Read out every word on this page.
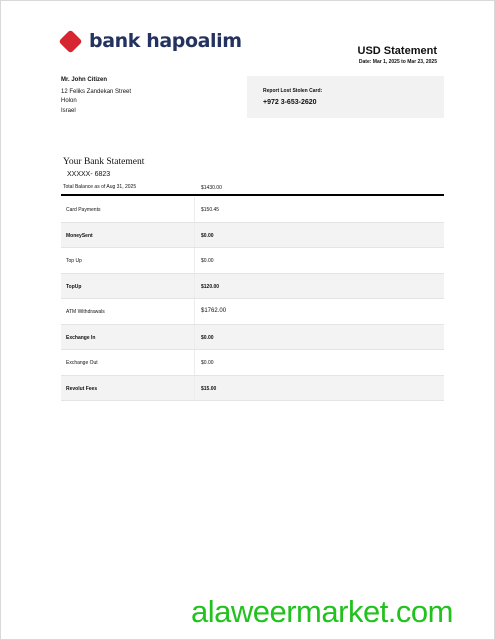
bank hapoalim	USD Statement
Date: Mar 1, 2025 to Mar 23, 2025
Mr. John Citizen
12 Feliks Zandekan Street
Holon
Israel
Report Lost Stolen Card:
+972 3-653-2620
Your Bank Statement
XXXXX- 6823
Total Balance as of Aug 31, 2025	$1430.00
Card Payments	$150.45
MoneySent	$0.00
Top Up	$0.00
TopUp	$120.00
ATM Withdrawals	$1762.00
Exchange In	$0.00
Exchange Out	$0.00
Revolut Fees	$15.00
alaweermarket.com
